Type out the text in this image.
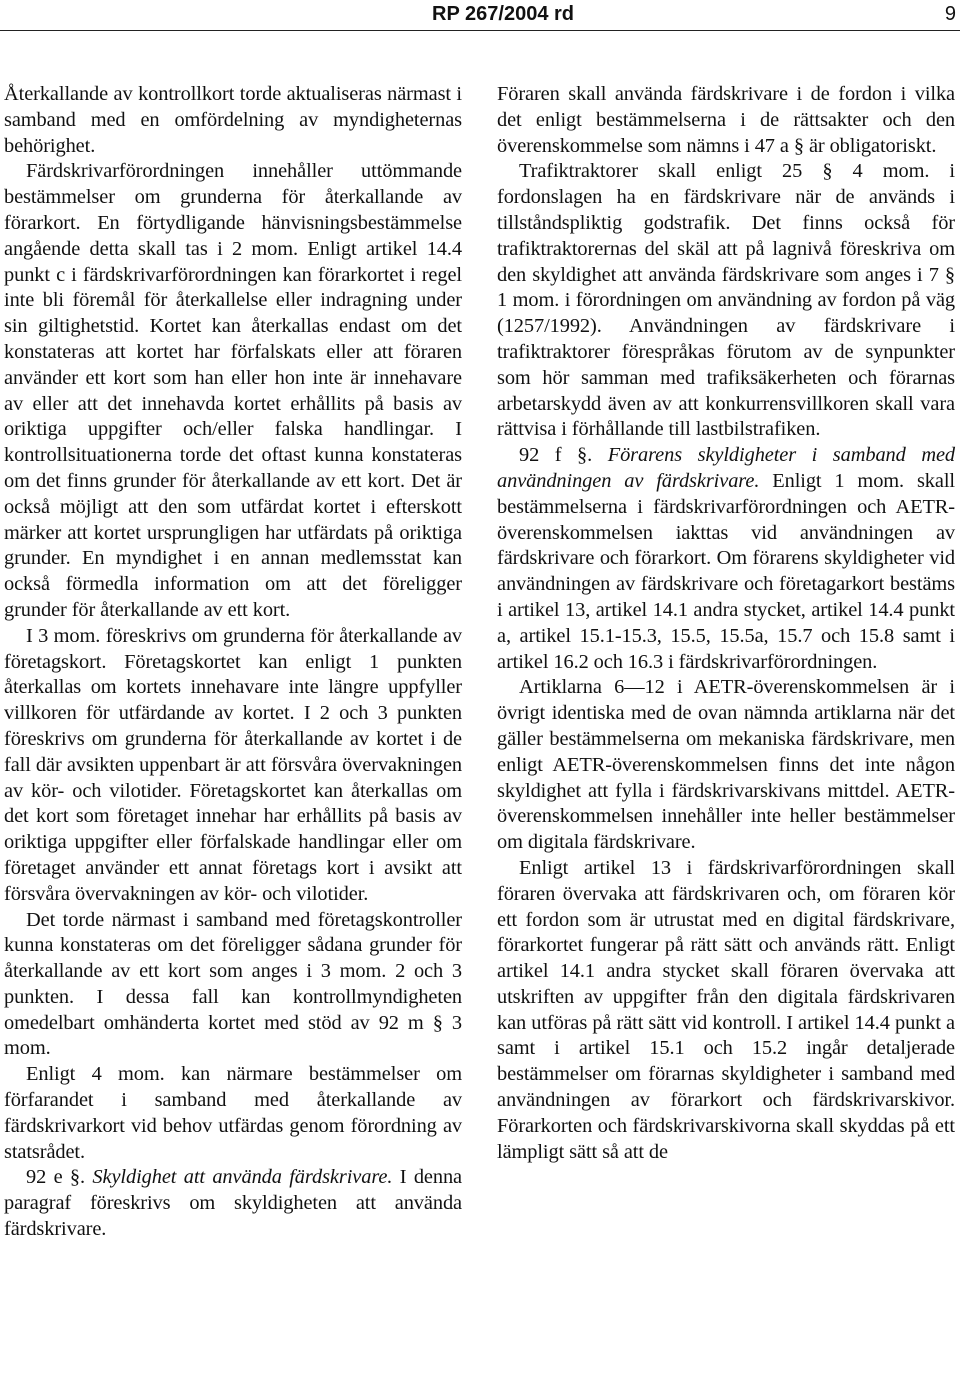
RP 267/2004 rd	9

Återkallande av kontrollkort torde aktualiseras närmast i samband med en omfördelning av myndigheternas behörighet.

Färdskrivarförordningen innehåller uttömmande bestämmelser om grunderna för återkallande av förarkort. En förtydligande hänvisningsbestämmelse angående detta skall tas i 2 mom. Enligt artikel 14.4 punkt c i färdskrivarförordningen kan förarkortet i regel inte bli föremål för återkallelse eller indragning under sin giltighetstid. Kortet kan återkallas endast om det konstateras att kortet har förfalskats eller att föraren använder ett kort som han eller hon inte är innehavare av eller att det innehavda kortet erhållits på basis av oriktiga uppgifter och/eller falska handlingar. I kontrollsituationerna torde det oftast kunna konstateras om det finns grunder för återkallande av ett kort. Det är också möjligt att den som utfärdat kortet i efterskott märker att kortet ursprungligen har utfärdats på oriktiga grunder. En myndighet i en annan medlemsstat kan också förmedla information om att det föreligger grunder för återkallande av ett kort.

I 3 mom. föreskrivs om grunderna för återkallande av företagskort. Företagskortet kan enligt 1 punkten återkallas om kortets innehavare inte längre uppfyller villkoren för utfärdande av kortet. I 2 och 3 punkten föreskrivs om grunderna för återkallande av kortet i de fall där avsikten uppenbart är att försvåra övervakningen av kör- och vilotider. Företagskortet kan återkallas om det kort som företaget innehar har erhållits på basis av oriktiga uppgifter eller förfalskade handlingar eller om företaget använder ett annat företags kort i avsikt att försvåra övervakningen av kör- och vilotider.

Det torde närmast i samband med företagskontroller kunna konstateras om det föreligger sådana grunder för återkallande av ett kort som anges i 3 mom. 2 och 3 punkten. I dessa fall kan kontrollmyndigheten omedelbart omhänderta kortet med stöd av 92 m § 3 mom.

Enligt 4 mom. kan närmare bestämmelser om förfarandet i samband med återkallande av färdskrivarkort vid behov utfärdas genom förordning av statsrådet.

92 e §. Skyldighet att använda färdskrivare. I denna paragraf föreskrivs om skyldigheten att använda färdskrivare.

Föraren skall använda färdskrivare i de fordon i vilka det enligt bestämmelserna i de rättsakter och den överenskommelse som nämns i 47 a § är obligatoriskt.

Trafiktraktorer skall enligt 25 § 4 mom. i fordonslagen ha en färdskrivare när de används i tillståndspliktig godstrafik. Det finns också för trafiktraktorernas del skäl att på lagnivå föreskriva om den skyldighet att använda färdskrivare som anges i 7 § 1 mom. i förordningen om användning av fordon på väg (1257/1992). Användningen av färdskrivare i trafiktraktorer förespråkas förutom av de synpunkter som hör samman med trafiksäkerheten och förarnas arbetarskydd även av att konkurrensvillkoren skall vara rättvisa i förhållande till lastbilstrafiken.

92 f §. Förarens skyldigheter i samband med användningen av färdskrivare. Enligt 1 mom. skall bestämmelserna i färdskrivarförordningen och AETR-överenskommelsen iakttas vid användningen av färdskrivare och förarkort. Om förarens skyldigheter vid användningen av färdskrivare och företagarkort bestäms i artikel 13, artikel 14.1 andra stycket, artikel 14.4 punkt a, artikel 15.1-15.3, 15.5, 15.5a, 15.7 och 15.8 samt i artikel 16.2 och 16.3 i färdskrivarförordningen.

Artiklarna 6—12 i AETR-överenskommelsen är i övrigt identiska med de ovan nämnda artiklarna när det gäller bestämmelserna om mekaniska färdskrivare, men enligt AETR-överenskommelsen finns det inte någon skyldighet att fylla i färdskrivarskivans mittdel. AETR-överenskommelsen innehåller inte heller bestämmelser om digitala färdskrivare.

Enligt artikel 13 i färdskrivarförordningen skall föraren övervaka att färdskrivaren och, om föraren kör ett fordon som är utrustat med en digital färdskrivare, förarkortet fungerar på rätt sätt och används rätt. Enligt artikel 14.1 andra stycket skall föraren övervaka att utskriften av uppgifter från den digitala färdskrivaren kan utföras på rätt sätt vid kontroll. I artikel 14.4 punkt a samt i artikel 15.1 och 15.2 ingår detaljerade bestämmelser om förarnas skyldigheter i samband med användningen av förarkort och färdskrivarskivor. Förarkorten och färdskrivarskivorna skall skyddas på ett lämpligt sätt så att de
